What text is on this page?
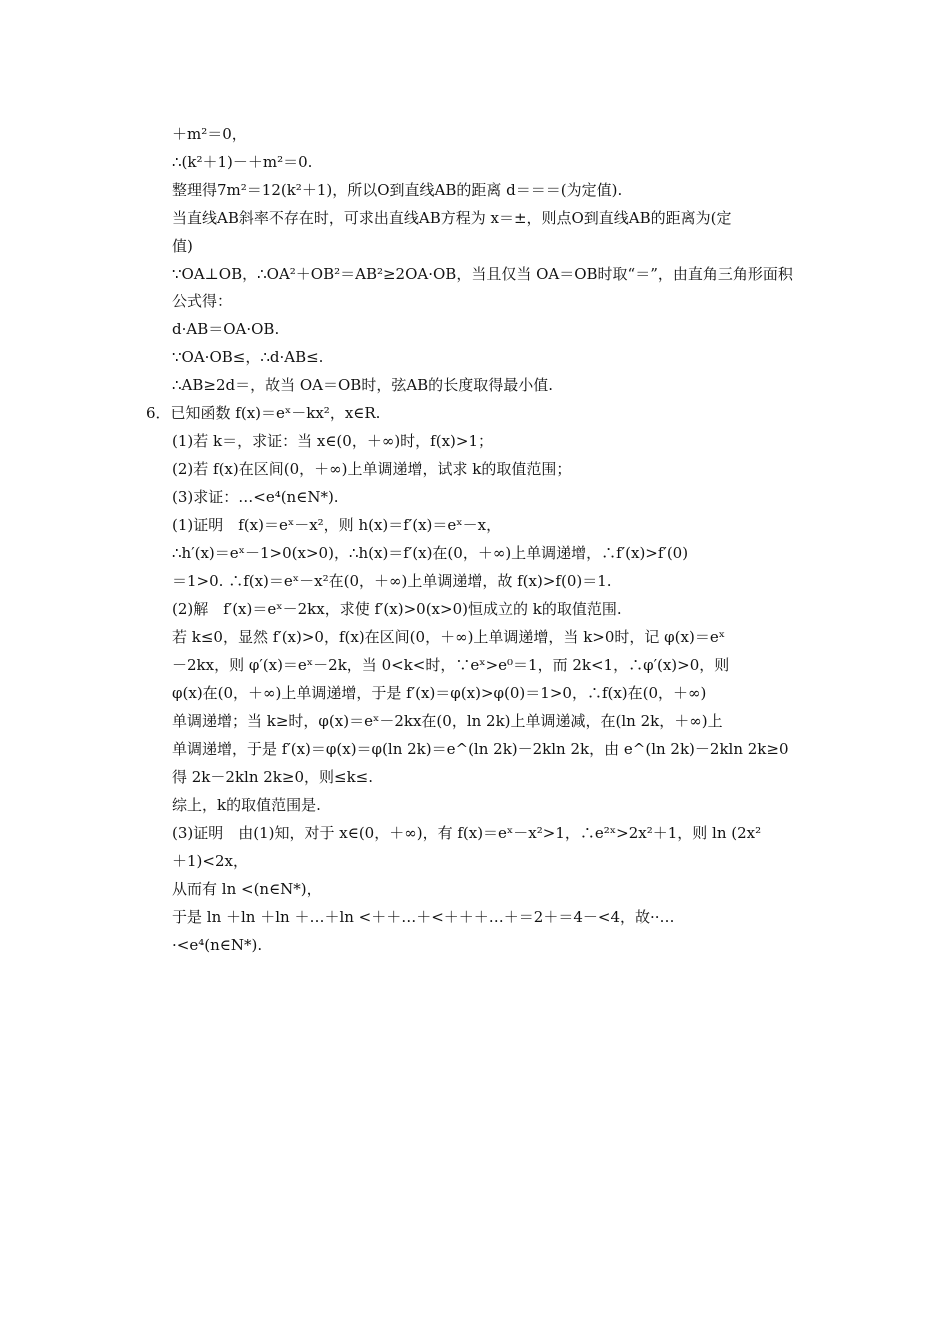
＋m²＝0，
∴(k²＋1)－＋m²＝0.
整理得7m²＝12(k²＋1)，所以O到直线AB的距离 d＝＝＝(为定值).
当直线AB斜率不存在时，可求出直线AB方程为 x＝±，则点O到直线AB的距离为(定
值)
∵OA⊥OB，∴OA²＋OB²＝AB²≥2OA·OB，当且仅当 OA＝OB时取“＝”，由直角三角形面积
公式得：
d·AB＝OA·OB.
∵OA·OB≤，∴d·AB≤.
∴AB≥2d＝，故当 OA＝OB时，弦AB的长度取得最小值.
6．已知函数 f(x)＝eˣ－kx²，x∈R.
(1)若 k＝，求证：当 x∈(0，＋∞)时，f(x)>1；
(2)若 f(x)在区间(0，＋∞)上单调递增，试求 k的取值范围；
(3)求证：…<e⁴(n∈N*).
(1)证明　f(x)＝eˣ－x²，则 h(x)＝f′(x)＝eˣ－x，
∴h′(x)＝eˣ－1>0(x>0)，∴h(x)＝f′(x)在(0，＋∞)上单调递增，∴f′(x)>f′(0)
＝1>0. ∴f(x)＝eˣ－x²在(0，＋∞)上单调递增，故 f(x)>f(0)＝1.
(2)解　f′(x)＝eˣ－2kx，求使 f′(x)>0(x>0)恒成立的 k的取值范围.
若 k≤0，显然 f′(x)>0，f(x)在区间(0，＋∞)上单调递增，当 k>0时，记 φ(x)＝eˣ
－2kx，则 φ′(x)＝eˣ－2k，当 0<k<时，∵eˣ>e⁰＝1，而 2k<1，∴φ′(x)>0，则
φ(x)在(0，＋∞)上单调递增，于是 f′(x)＝φ(x)>φ(0)＝1>0，∴f(x)在(0，＋∞)
单调递增；当 k≥时，φ(x)＝eˣ－2kx在(0，ln 2k)上单调递减，在(ln 2k，＋∞)上
单调递增，于是 f′(x)＝φ(x)＝φ(ln 2k)＝e^(ln 2k)－2kln 2k，由 e^(ln 2k)－2kln 2k≥0
得 2k－2kln 2k≥0，则≤k≤.
综上，k的取值范围是.
(3)证明　由(1)知，对于 x∈(0，＋∞)，有 f(x)＝eˣ－x²>1，∴e²ˣ>2x²＋1，则 ln (2x²
＋1)<2x，
从而有 ln <(n∈N*)，
于是 ln ＋ln ＋ln ＋…＋ln <＋＋…＋<＋＋＋…＋＝2＋＝4－<4，故··…
·<e⁴(n∈N*).
